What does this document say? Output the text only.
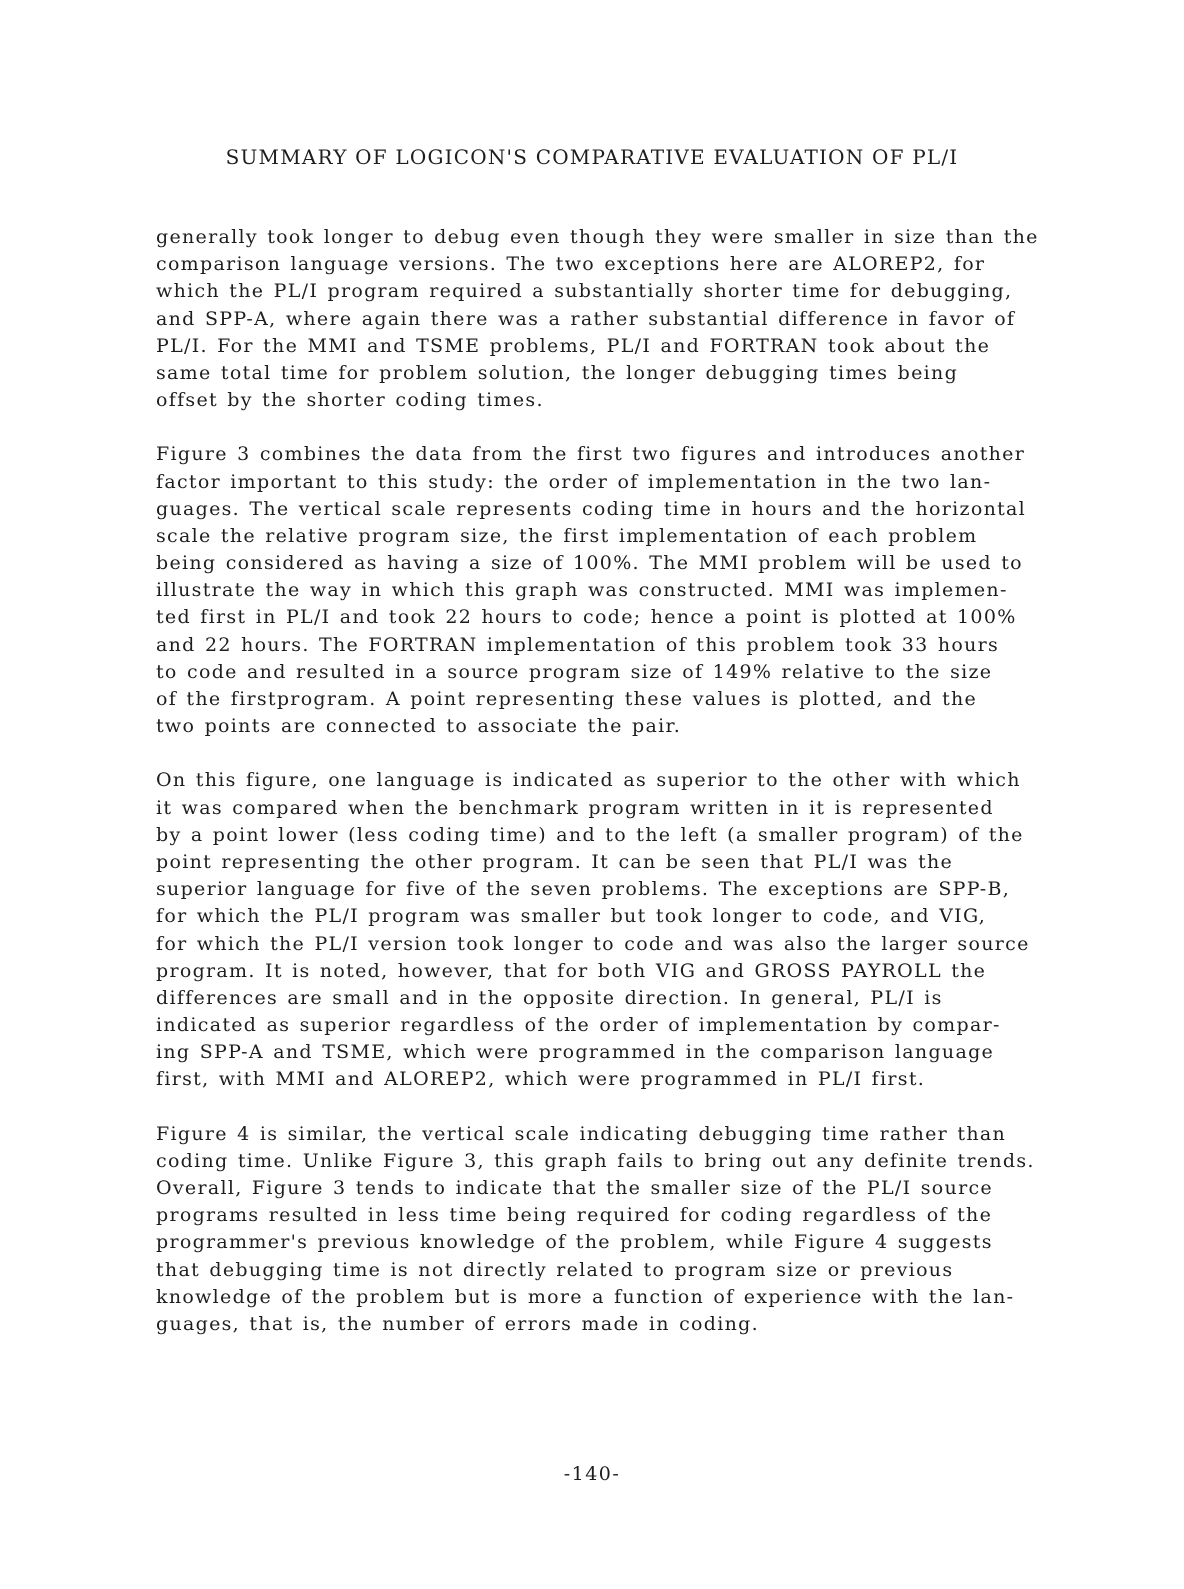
SUMMARY OF LOGICON'S COMPARATIVE EVALUATION OF PL/I
generally took longer to debug even though they were smaller in size than the
comparison language versions. The two exceptions here are ALOREP2, for
which the PL/I program required a substantially shorter time for debugging,
and SPP-A, where again there was a rather substantial difference in favor of
PL/I. For the MMI and TSME problems, PL/I and FORTRAN took about the
same total time for problem solution, the longer debugging times being
offset by the shorter coding times.
Figure 3 combines the data from the first two figures and introduces another
factor important to this study: the order of implementation in the two lan-
guages. The vertical scale represents coding time in hours and the horizontal
scale the relative program size, the first implementation of each problem
being considered as having a size of 100%. The MMI problem will be used to
illustrate the way in which this graph was constructed. MMI was implemen-
ted first in PL/I and took 22 hours to code; hence a point is plotted at 100%
and 22 hours. The FORTRAN implementation of this problem took 33 hours
to code and resulted in a source program size of 149% relative to the size
of the firstprogram. A point representing these values is plotted, and the
two points are connected to associate the pair.
On this figure, one language is indicated as superior to the other with which
it was compared when the benchmark program written in it is represented
by a point lower (less coding time) and to the left (a smaller program) of the
point representing the other program. It can be seen that PL/I was the
superior language for five of the seven problems. The exceptions are SPP-B,
for which the PL/I program was smaller but took longer to code, and VIG,
for which the PL/I version took longer to code and was also the larger source
program. It is noted, however, that for both VIG and GROSS PAYROLL the
differences are small and in the opposite direction. In general, PL/I is
indicated as superior regardless of the order of implementation by compar-
ing SPP-A and TSME, which were programmed in the comparison language
first, with MMI and ALOREP2, which were programmed in PL/I first.
Figure 4 is similar, the vertical scale indicating debugging time rather than
coding time. Unlike Figure 3, this graph fails to bring out any definite trends.
Overall, Figure 3 tends to indicate that the smaller size of the PL/I source
programs resulted in less time being required for coding regardless of the
programmer's previous knowledge of the problem, while Figure 4 suggests
that debugging time is not directly related to program size or previous
knowledge of the problem but is more a function of experience with the lan-
guages, that is, the number of errors made in coding.
-140-
